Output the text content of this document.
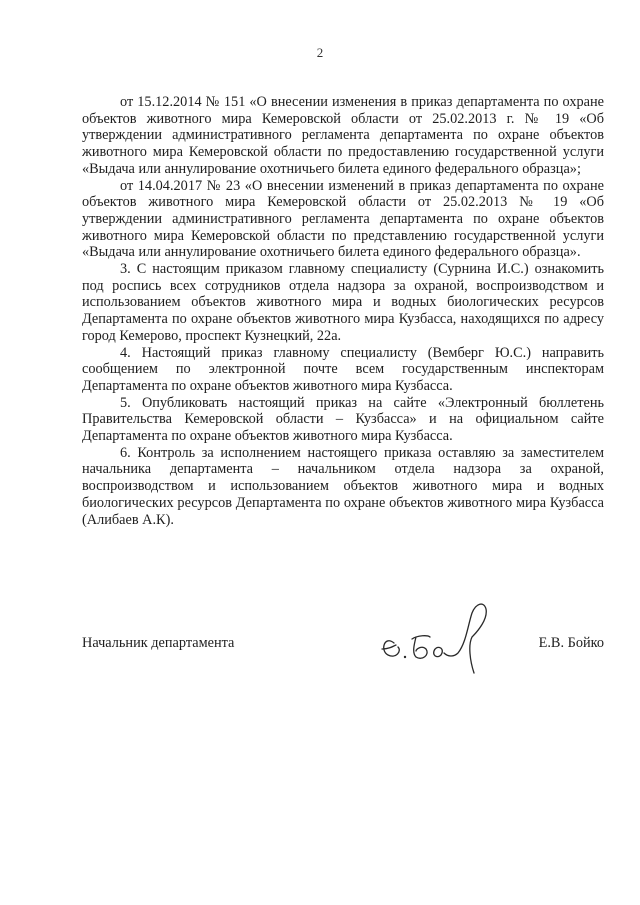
2

от 15.12.2014 № 151 «О внесении изменения в приказ департамента по охране объектов животного мира Кемеровской области от 25.02.2013 г. № 19 «Об утверждении административного регламента департамента по охране объектов животного мира Кемеровской области по предоставлению государственной услуги «Выдача или аннулирование охотничьего билета единого федерального образца»;

от 14.04.2017 № 23 «О внесении изменений в приказ департамента по охране объектов животного мира Кемеровской области от 25.02.2013 № 19 «Об утверждении административного регламента департамента по охране объектов животного мира Кемеровской области по представлению государственной услуги «Выдача или аннулирование охотничьего билета единого федерального образца».

3. С настоящим приказом главному специалисту (Сурнина И.С.) ознакомить под роспись всех сотрудников отдела надзора за охраной, воспроизводством и использованием объектов животного мира и водных биологических ресурсов Департамента по охране объектов животного мира Кузбасса, находящихся по адресу город Кемерово, проспект Кузнецкий, 22а.

4. Настоящий приказ главному специалисту (Вемберг Ю.С.) направить сообщением по электронной почте всем государственным инспекторам Департамента по охране объектов животного мира Кузбасса.

5. Опубликовать настоящий приказ на сайте «Электронный бюллетень Правительства Кемеровской области – Кузбасса» и на официальном сайте Департамента по охране объектов животного мира Кузбасса.

6. Контроль за исполнением настоящего приказа оставляю за заместителем начальника департамента – начальником отдела надзора за охраной, воспроизводством и использованием объектов животного мира и водных биологических ресурсов Департамента по охране объектов животного мира Кузбасса (Алибаев А.К).

Начальник департамента	Е.В. Бойко
